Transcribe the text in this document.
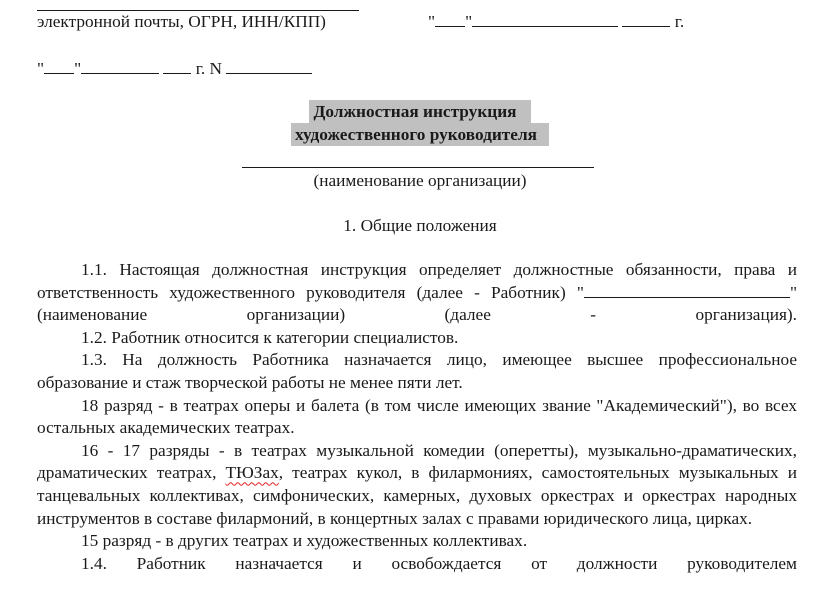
электронной почты, ОГРН, ИНН/КПП)	" "	г.
" "	г. N
Должностная инструкция
художественного руководителя
(наименование организации)
1. Общие положения

1.1. Настоящая должностная инструкция определяет должностные обязанности, права и ответственность художественного руководителя (далее - Работник) "	" (наименование организации) (далее - организация).

1.2. Работник относится к категории специалистов.

1.3. На должность Работника назначается лицо, имеющее высшее профессиональное образование и стаж творческой работы не менее пяти лет.

18 разряд - в театрах оперы и балета (в том числе имеющих звание "Академический"), во всех остальных академических театрах.

16 - 17 разряды - в театрах музыкальной комедии (оперетты), музыкально-драматических, драматических театрах, ТЮЗах, театрах кукол, в филармониях, самостоятельных музыкальных и танцевальных коллективах, симфонических, камерных, духовых оркестрах и оркестрах народных инструментов в составе филармоний, в концертных залах с правами юридического лица, цирках.

15 разряд - в других театрах и художественных коллективах.

1.4. Работник назначается и освобождается от должности руководителем
